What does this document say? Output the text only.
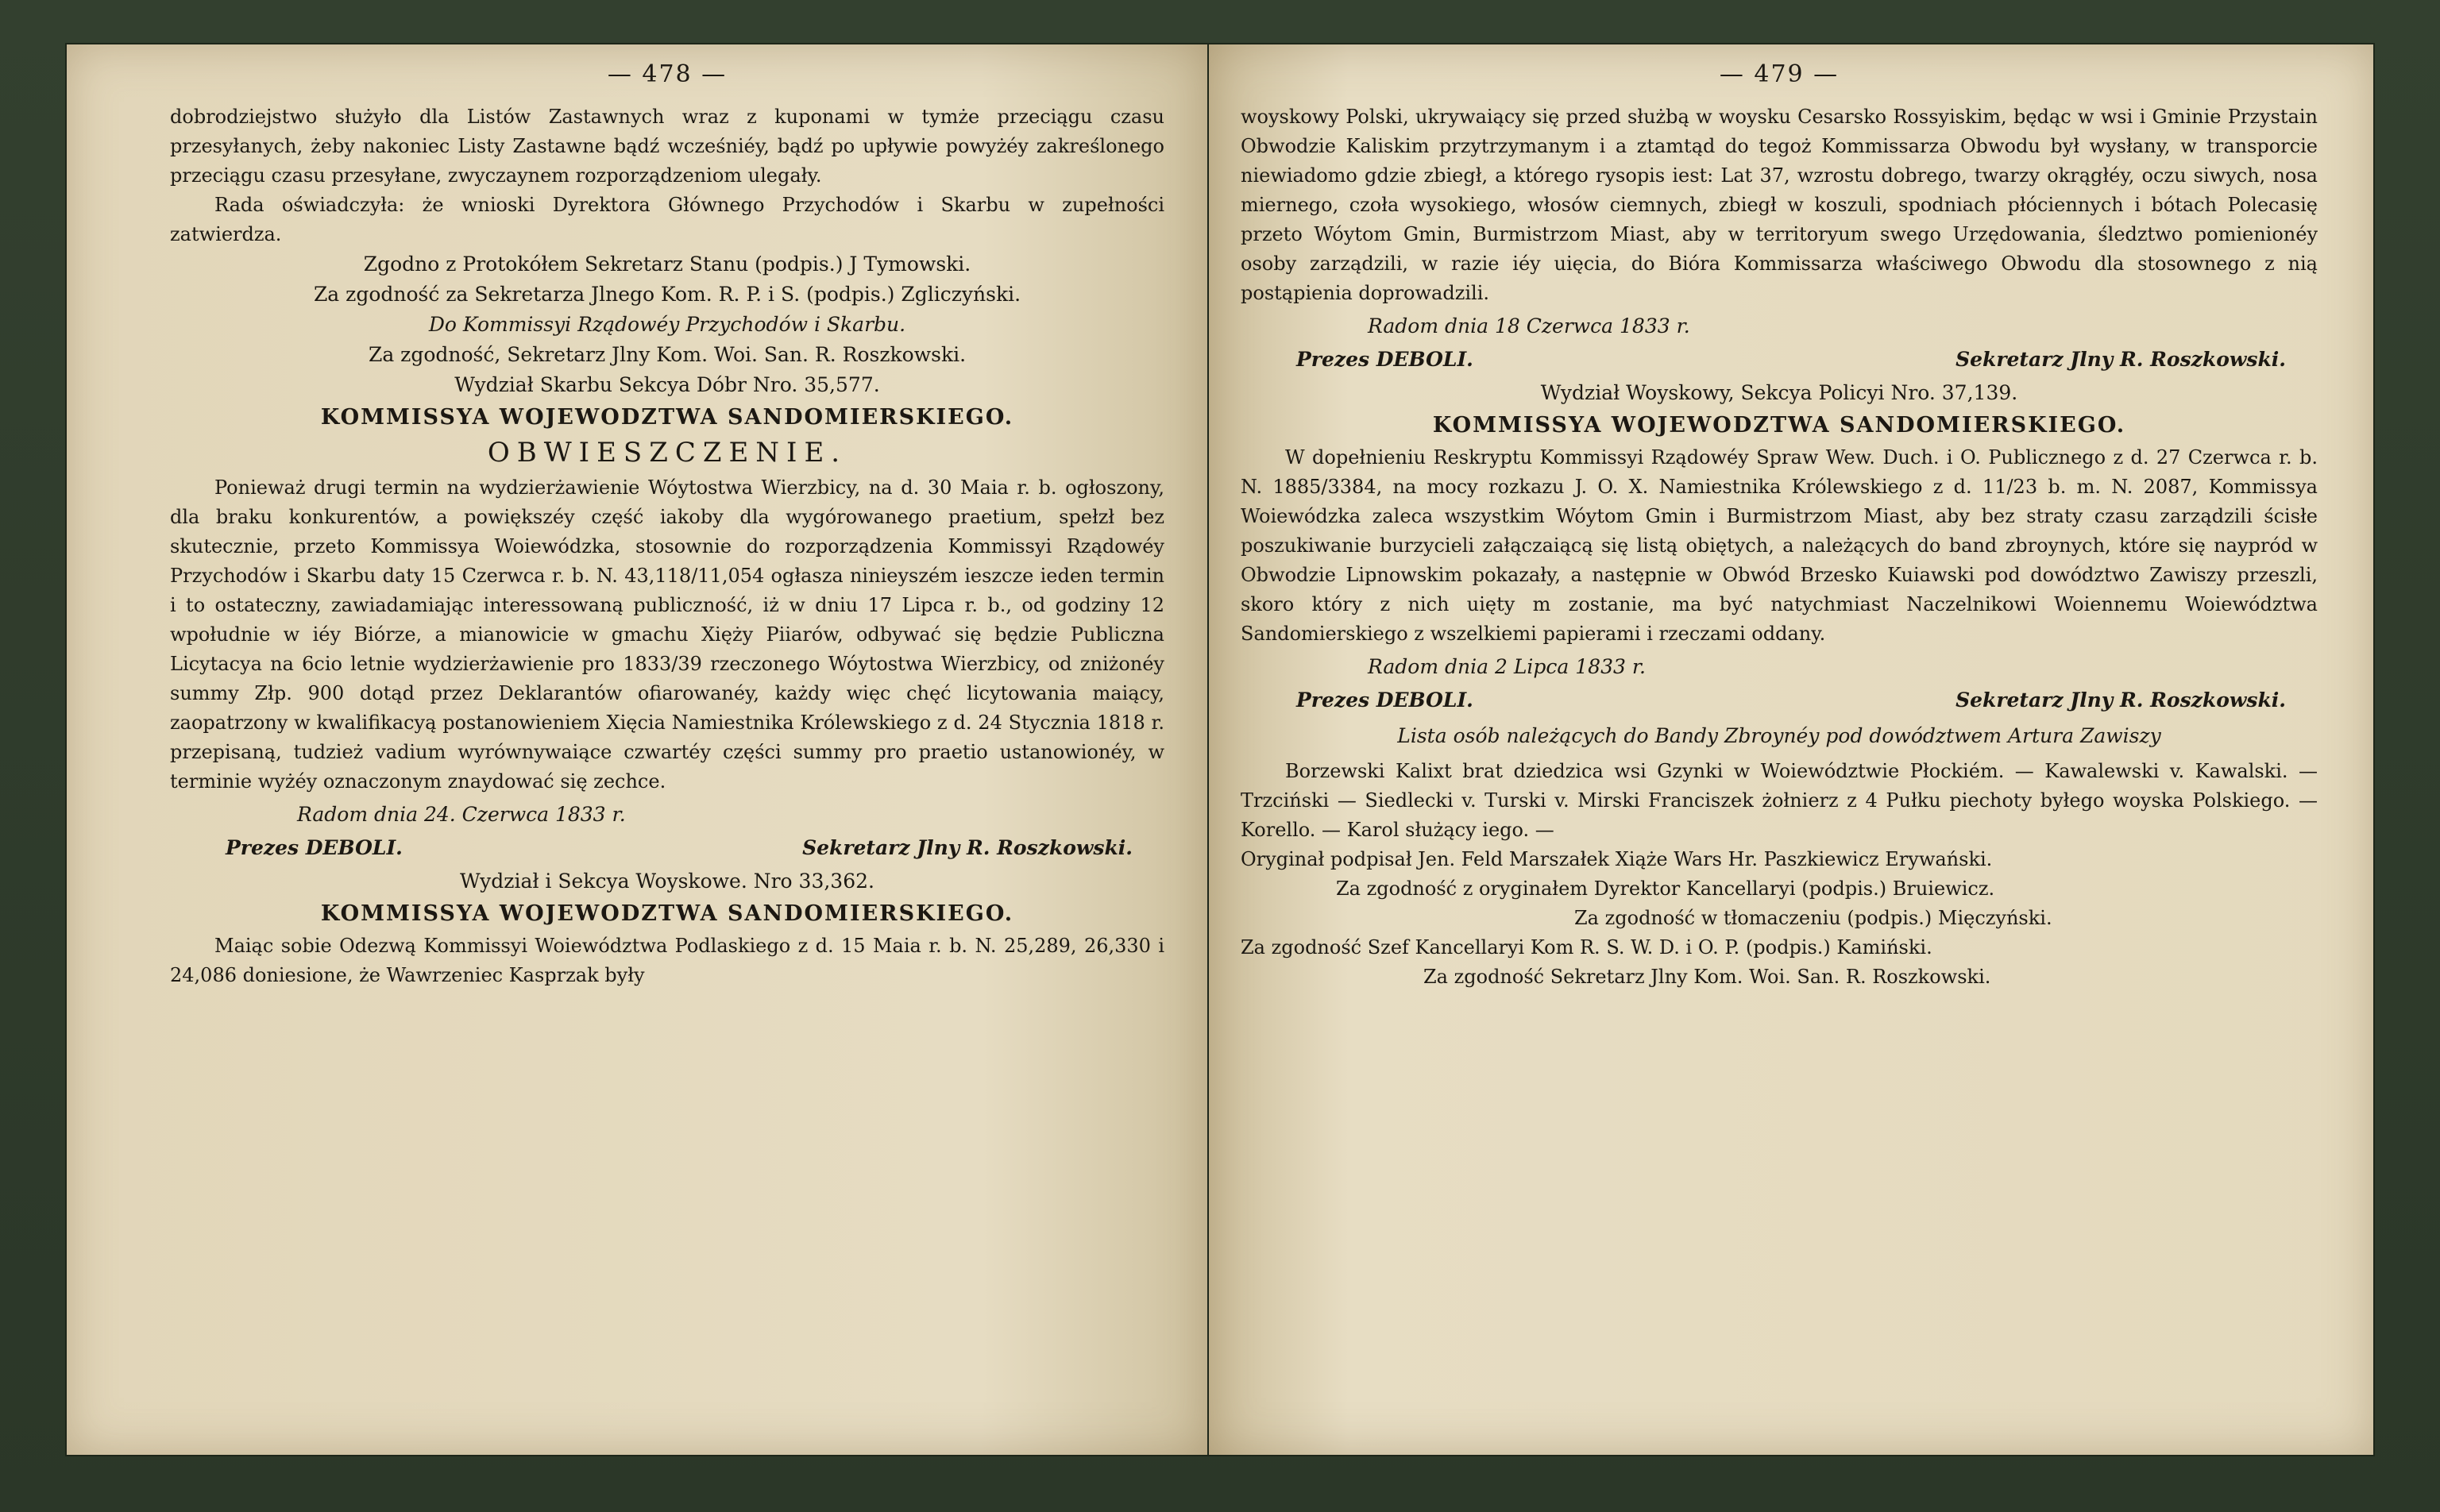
— 478 —

dobrodziejstwo służyło dla Listów Zastawnych wraz z kuponami w tymże przeciągu czasu przesyłanych, żeby nakoniec Listy Zastawne bądź wcześniéy, bądź po upływie powyżéy zakreślonego przeciągu czasu przesyłane, zwyczaynem rozporządzeniom ulegały.

Rada oświadczyła: że wnioski Dyrektora Głównego Przychodów i Skarbu w zupełności zatwierdza.

Zgodno z Protokółem Sekretarz Stanu (podpis.) J Tymowski.

Za zgodność za Sekretarza Jlnego Kom. R. P. i S. (podpis.) Zgliczyński.

Do Kommissyi Rządowéy Przychodów i Skarbu.

Za zgodność, Sekretarz Jlny Kom. Woi. San. R. Roszkowski.

Wydział Skarbu Sekcya Dóbr Nro. 35,577.

KOMMISSYA WOJEWODZTWA SANDOMIERSKIEGO.

OBWIESZCZENIE.

Ponieważ drugi termin na wydzierżawienie Wóytostwa Wierzbicy, na d. 30 Maia r. b. ogłoszony, dla braku konkurentów, a powiększéy część iakoby dla wygórowanego praetium, spełzł bez skutecznie, przeto Kommissya Woiewódzka, stosownie do rozporządzenia Kommissyi Rządowéy Przychodów i Skarbu daty 15 Czerwca r. b. N. 43,118/11,054 ogłasza ninieyszém ieszcze ieden termin i to ostateczny, zawiadamiając interessowaną publiczność, iż w dniu 17 Lipca r. b., od godziny 12 wpołudnie w iéy Biórze, a mianowicie w gmachu Xięży Piiarów, odbywać się będzie Publiczna Licytacya na 6cio letnie wydzierżawienie pro 1833/39 rzeczonego Wóytostwa Wierzbicy, od zniżonéy summy Złp. 900 dotąd przez Deklarantów ofiarowanéy, każdy więc chęć licytowania maiący, zaopatrzony w kwalifikacyą postanowieniem Xięcia Namiestnika Królewskiego z d. 24 Stycznia 1818 r. przepisaną, tudzież vadium wyrównywaiące czwartéy części summy pro praetio ustanowionéy, w terminie wyżéy oznaczonym znaydować się zechce.

Radom dnia 24. Czerwca 1833 r.

Prezes DEBOLI.	Sekretarz Jlny R. Roszkowski.

Wydział i Sekcya Woyskowe. Nro 33,362.

KOMMISSYA WOJEWODZTWA SANDOMIERSKIEGO.

Maiąc sobie Odezwą Kommissyi Woiewództwa Podlaskiego z d. 15 Maia r. b. N. 25,289, 26,330 i 24,086 doniesione, że Wawrzeniec Kasprzak były

— 479 —

woyskowy Polski, ukrywaiący się przed służbą w woysku Cesarsko Rossyiskim, będąc w wsi i Gminie Przystain Obwodzie Kaliskim przytrzymanym i a ztamtąd do tegoż Kommissarza Obwodu był wysłany, w transporcie niewiadomo gdzie zbiegł, a którego rysopis iest: Lat 37, wzrostu dobrego, twarzy okrągłéy, oczu siwych, nosa miernego, czoła wysokiego, włosów ciemnych, zbiegł w koszuli, spodniach płóciennych i bótach Polecasię przeto Wóytom Gmin, Burmistrzom Miast, aby w territoryum swego Urzędowania, śledztwo pomienionéy osoby zarządzili, w razie iéy uięcia, do Bióra Kommissarza właściwego Obwodu dla stosownego z nią postąpienia doprowadzili.

Radom dnia 18 Czerwca 1833 r.

Prezes DEBOLI.	Sekretarz Jlny R. Roszkowski.

Wydział Woyskowy, Sekcya Policyi Nro. 37,139.

KOMMISSYA WOJEWODZTWA SANDOMIERSKIEGO.

W dopełnieniu Reskryptu Kommissyi Rządowéy Spraw Wew. Duch. i O. Publicznego z d. 27 Czerwca r. b. N. 1885/3384, na mocy rozkazu J. O. X. Namiestnika Królewskiego z d. 11/23 b. m. N. 2087, Kommissya Woiewódzka zaleca wszystkim Wóytom Gmin i Burmistrzom Miast, aby bez straty czasu zarządzili ścisłe poszukiwanie burzycieli załączaiącą się listą obiętych, a należących do band zbroynych, które się naypród w Obwodzie Lipnowskim pokazały, a następnie w Obwód Brzesko Kuiawski pod dowództwo Zawiszy przeszli, skoro który z nich uięty m zostanie, ma być natychmiast Naczelnikowi Woiennemu Woiewództwa Sandomierskiego z wszelkiemi papierami i rzeczami oddany.

Radom dnia 2 Lipca 1833 r.

Prezes DEBOLI.	Sekretarz Jlny R. Roszkowski.

Lista osób należących do Bandy Zbroynéy pod dowództwem Artura Zawiszy

Borzewski Kalixt brat dziedzica wsi Gzynki w Woiewództwie Płockiém. — Kawalewski v. Kawalski. — Trzciński — Siedlecki v. Turski v. Mirski Franciszek żołnierz z 4 Pułku piechoty byłego woyska Polskiego. — Korello. — Karol służący iego. —

Oryginał podpisał Jen. Feld Marszałek Xiąże Wars Hr. Paszkiewicz Erywański.

Za zgodność z oryginałem Dyrektor Kancellaryi (podpis.) Bruiewicz.

Za zgodność w tłomaczeniu (podpis.) Mięczyński.

Za zgodność Szef Kancellaryi Kom R. S. W. D. i O. P. (podpis.) Kamiński.

Za zgodność Sekretarz Jlny Kom. Woi. San. R. Roszkowski.
